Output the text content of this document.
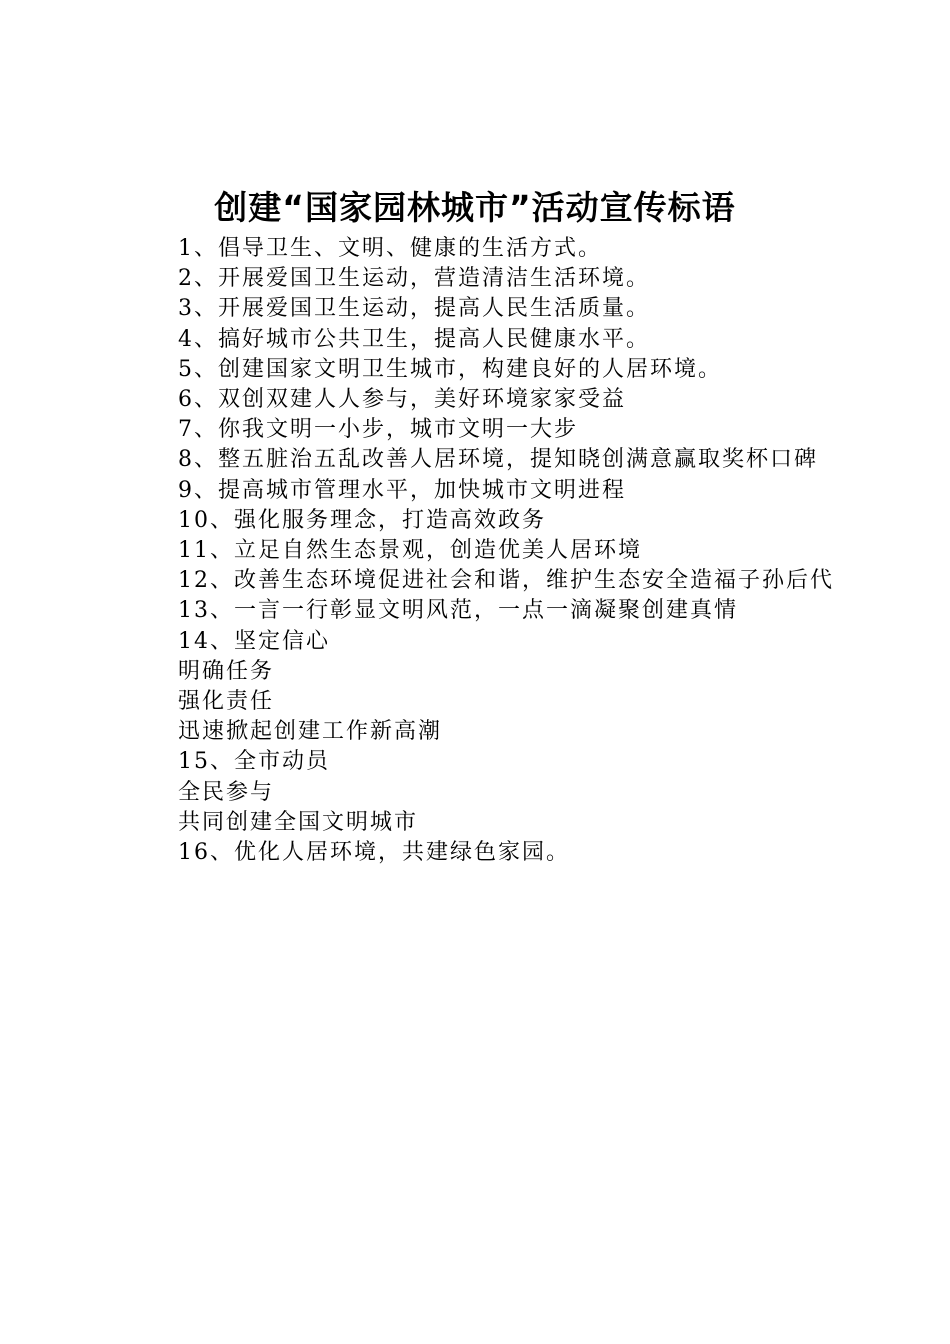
创建“国家园林城市”活动宣传标语

1、倡导卫生、文明、健康的生活方式。

2、开展爱国卫生运动，营造清洁生活环境。

3、开展爱国卫生运动，提高人民生活质量。

4、搞好城市公共卫生，提高人民健康水平。

5、创建国家文明卫生城市，构建良好的人居环境。

6、双创双建人人参与，美好环境家家受益

7、你我文明一小步，城市文明一大步

8、整五脏治五乱改善人居环境，提知晓创满意赢取奖杯口碑

9、提高城市管理水平，加快城市文明进程

10、强化服务理念，打造高效政务

11、立足自然生态景观，创造优美人居环境

12、改善生态环境促进社会和谐，维护生态安全造福子孙后代

13、一言一行彰显文明风范，一点一滴凝聚创建真情

14、坚定信心

明确任务

强化责任

迅速掀起创建工作新高潮

15、全市动员

全民参与

共同创建全国文明城市

16、优化人居环境，共建绿色家园。
